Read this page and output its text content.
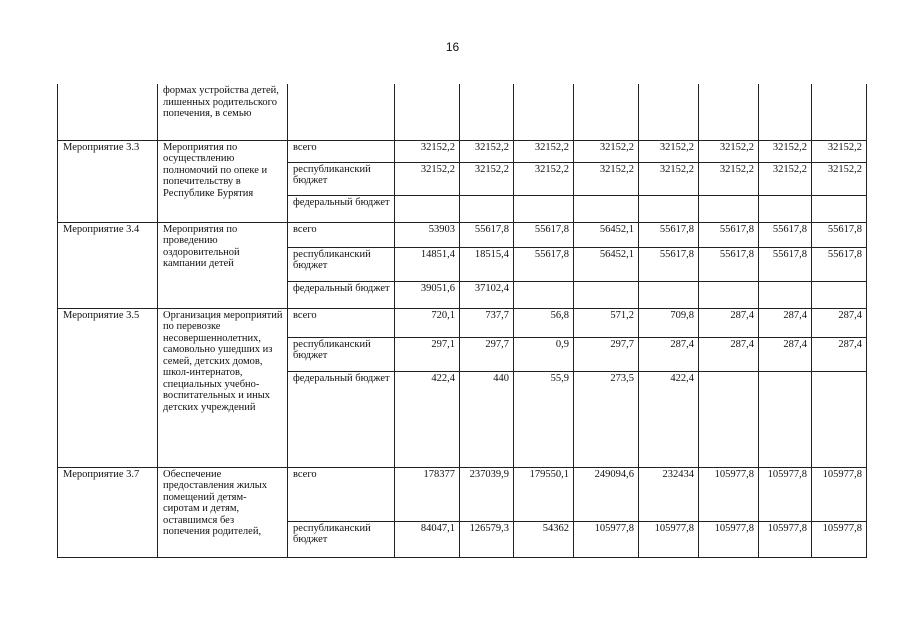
16
	формах устройства детей, лишенных родительского попечения, в семью									
Мероприятие 3.3	Мероприятия по осуществлению полномочий по опеке и попечительству в Республике Бурятия	всего	32152,2	32152,2	32152,2	32152,2	32152,2	32152,2	32152,2	32152,2
		республиканский бюджет	32152,2	32152,2	32152,2	32152,2	32152,2	32152,2	32152,2	32152,2
		федеральный бюджет								
Мероприятие 3.4	Мероприятия по проведению оздоровительной кампании детей	всего	53903	55617,8	55617,8	56452,1	55617,8	55617,8	55617,8	55617,8
		республиканский бюджет	14851,4	18515,4	55617,8	56452,1	55617,8	55617,8	55617,8	55617,8
		федеральный бюджет	39051,6	37102,4						
Мероприятие 3.5	Организация мероприятий по перевозке несовершеннолетних, самовольно ушедших из семей, детских домов, школ-интернатов, специальных учебно-воспитательных и иных детских учреждений	всего	720,1	737,7	56,8	571,2	709,8	287,4	287,4	287,4
		республиканский бюджет	297,1	297,7	0,9	297,7	287,4	287,4	287,4	287,4
		федеральный бюджет	422,4	440	55,9	273,5	422,4			
Мероприятие 3.7	Обеспечение предоставления жилых помещений детям-сиротам и детям, оставшимся без попечения родителей,	всего	178377	237039,9	179550,1	249094,6	232434	105977,8	105977,8	105977,8
		республиканский бюджет	84047,1	126579,3	54362	105977,8	105977,8	105977,8	105977,8	105977,8
